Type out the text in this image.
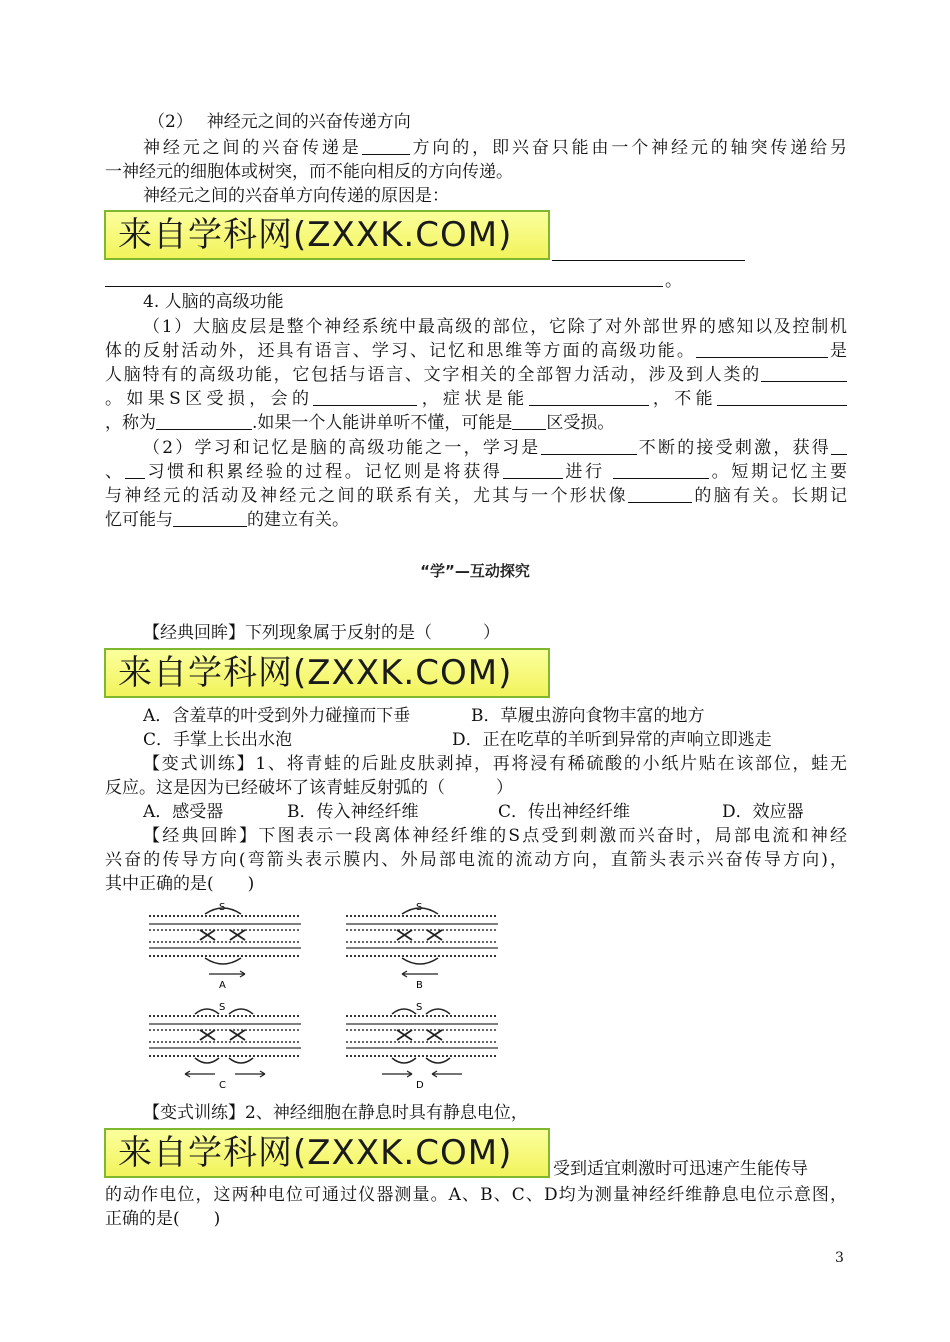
（2）　 神经元之间的兴奋传递方向
神经元之间的兴奋传递是	方向的，即兴奋只能由一个神经元的轴突传递给另
一神经元的细胞体或树突，而不能向相反的方向传递。
神经元之间的兴奋单方向传递的原因是：
来自学科网(ZXXK.COM)
。
4. 人脑的高级功能
（1）大脑皮层是整个神经系统中最高级的部位，它除了对外部世界的感知以及控制机
体的反射活动外，还具有语言、学习、记忆和思维等方面的高级功能。	是
人脑特有的高级功能，它包括与语言、文字相关的全部智力活动，涉及到人类的
。如果S区受损，会的	，症状是能	，不能
，称为	.如果一个人能讲单听不懂，可能是 区受损。
（2）学习和记忆是脑的高级功能之一，学习是	不断的接受刺激，获得
、 习惯和积累经验的过程。记忆则是将获得	进行	。短期记忆主要
与神经元的活动及神经元之间的联系有关，尤其与一个形状像	的脑有关。长期记
忆可能与	的建立有关。
“学”—互动探究
【经典回眸】下列现象属于反射的是（　　　）
来自学科网(ZXXK.COM)
A．含羞草的叶受到外力碰撞而下垂	B．草履虫游向食物丰富的地方
C．手掌上长出水泡	D．正在吃草的羊听到异常的声响立即逃走
【变式训练】1、将青蛙的后趾皮肤剥掉，再将浸有稀硫酸的小纸片贴在该部位，蛙无
反应。这是因为已经破坏了该青蛙反射弧的（　　　）
A．感受器	B．传入神经纤维	C．传出神经纤维	D．效应器
【经典回眸】下图表示一段离体神经纤维的S点受到刺激而兴奋时，局部电流和神经
兴奋的传导方向(弯箭头表示膜内、外局部电流的流动方向，直箭头表示兴奋传导方向)，
其中正确的是(　　)
S
A
S
B
S
C
S
D
【变式训练】2、神经细胞在静息时具有静息电位，
来自学科网(ZXXK.COM)	受到适宜刺激时可迅速产生能传导
的动作电位，这两种电位可通过仪器测量。A、B、C、D均为测量神经纤维静息电位示意图，
正确的是(　　)
3
